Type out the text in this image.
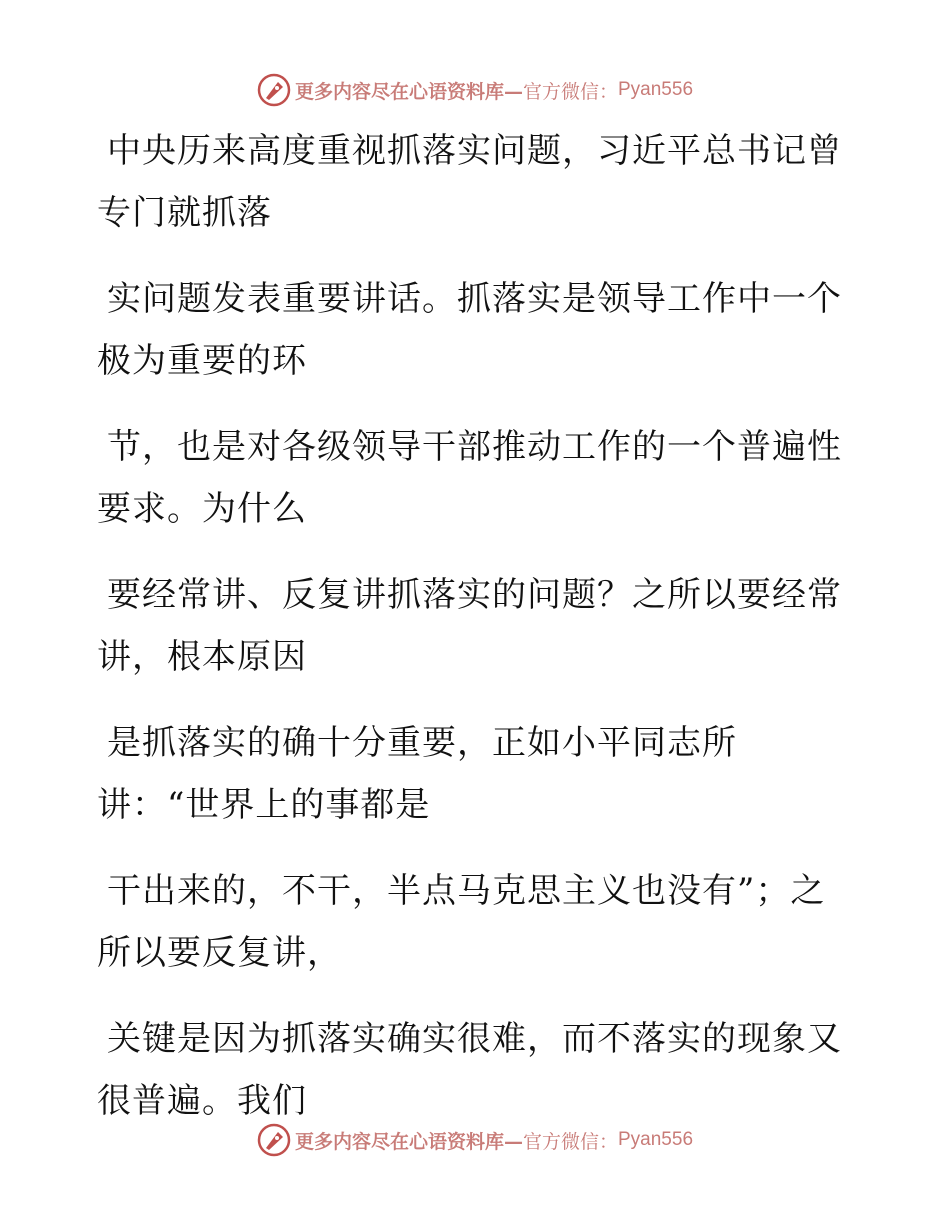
更多内容尽在心语资料库— 官方微信： Pyan556

中央历来高度重视抓落实问题，习近平总书记曾
专门就抓落

实问题发表重要讲话。抓落实是领导工作中一个
极为重要的环

节，也是对各级领导干部推动工作的一个普遍性
要求。为什么

要经常讲、反复讲抓落实的问题？之所以要经常
讲，根本原因

是抓落实的确十分重要，正如小平同志所
讲：“世界上的事都是

干出来的，不干，半点马克思主义也没有”；之
所以要反复讲，

关键是因为抓落实确实很难，而不落实的现象又
很普遍。我们

更多内容尽在心语资料库— 官方微信： Pyan556
